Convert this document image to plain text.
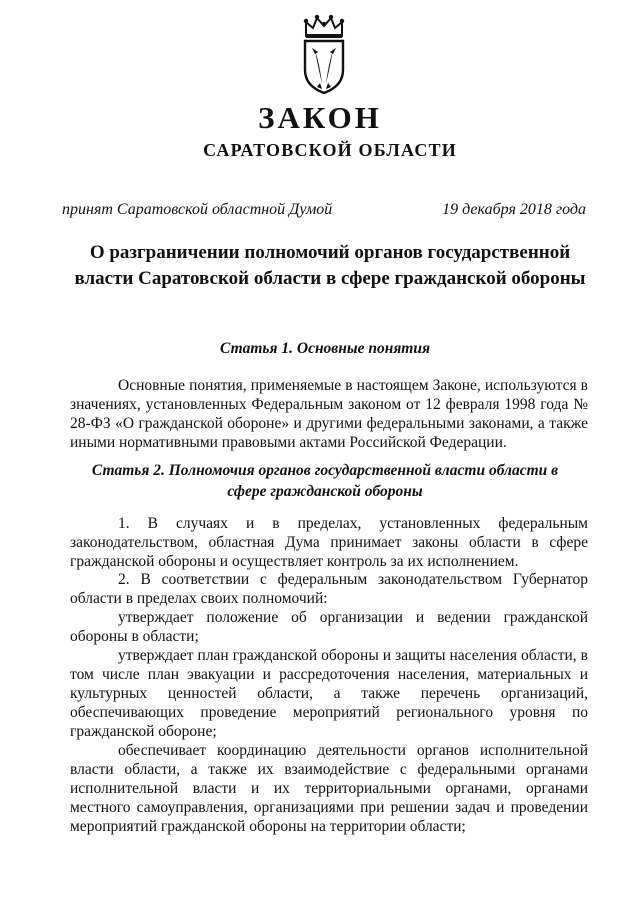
ЗАКОН
САРАТОВСКОЙ ОБЛАСТИ
принят Саратовской областной Думой	19 декабря 2018 года
О разграничении полномочий органов государственной власти Саратовской области в сфере гражданской обороны
Статья 1. Основные понятия
Основные понятия, применяемые в настоящем Законе, используются в значениях, установленных Федеральным законом от 12 февраля 1998 года № 28-ФЗ «О гражданской обороне» и другими федеральными законами, а также иными нормативными правовыми актами Российской Федерации.
Статья 2. Полномочия органов государственной власти области в сфере гражданской обороны
1. В случаях и в пределах, установленных федеральным законодательством, областная Дума принимает законы области в сфере гражданской обороны и осуществляет контроль за их исполнением.
2. В соответствии с федеральным законодательством Губернатор области в пределах своих полномочий:
утверждает положение об организации и ведении гражданской обороны в области;
утверждает план гражданской обороны и защиты населения области, в том числе план эвакуации и рассредоточения населения, материальных и культурных ценностей области, а также перечень организаций, обеспечивающих проведение мероприятий регионального уровня по гражданской обороне;
обеспечивает координацию деятельности органов исполнительной власти области, а также их взаимодействие с федеральными органами исполнительной власти и их территориальными органами, органами местного самоуправления, организациями при решении задач и проведении мероприятий гражданской обороны на территории области;
